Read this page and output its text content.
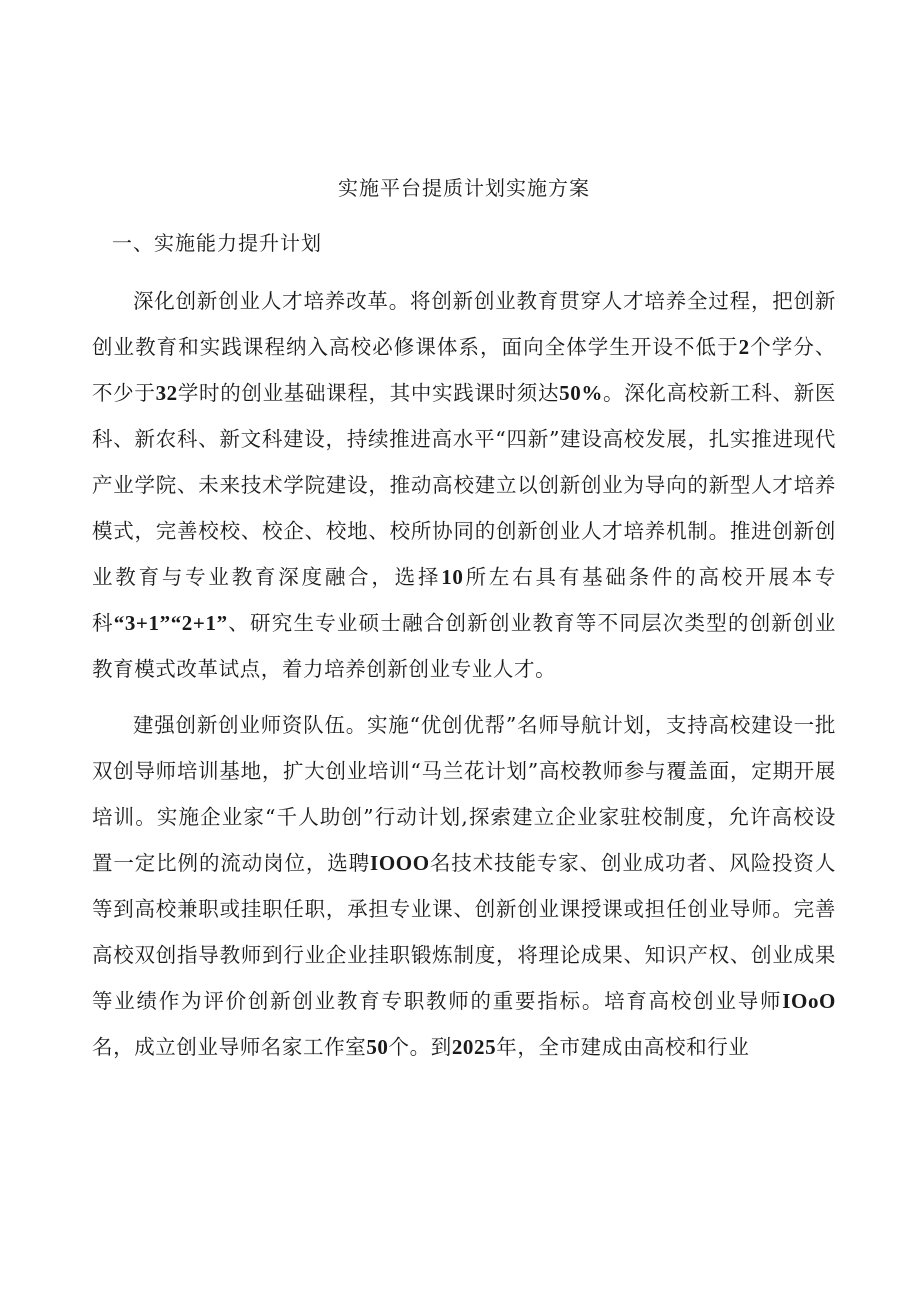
实施平台提质计划实施方案
一、实施能力提升计划

深化创新创业人才培养改革。将创新创业教育贯穿人才培养全过程，把创新创业教育和实践课程纳入高校必修课体系，面向全体学生开设不低于2个学分、不少于32学时的创业基础课程，其中实践课时须达50%。深化高校新工科、新医科、新农科、新文科建设，持续推进高水平“四新”建设高校发展，扎实推进现代产业学院、未来技术学院建设，推动高校建立以创新创业为导向的新型人才培养模式，完善校校、校企、校地、校所协同的创新创业人才培养机制。推进创新创业教育与专业教育深度融合，选择10所左右具有基础条件的高校开展本专科“3+1”“2+1”、研究生专业硕士融合创新创业教育等不同层次类型的创新创业教育模式改革试点，着力培养创新创业专业人才。

建强创新创业师资队伍。实施“优创优帮”名师导航计划，支持高校建设一批双创导师培训基地，扩大创业培训“马兰花计划”高校教师参与覆盖面，定期开展培训。实施企业家“千人助创”行动计划,探索建立企业家驻校制度，允许高校设置一定比例的流动岗位，选聘IOOO名技术技能专家、创业成功者、风险投资人等到高校兼职或挂职任职，承担专业课、创新创业课授课或担任创业导师。完善高校双创指导教师到行业企业挂职锻炼制度，将理论成果、知识产权、创业成果等业绩作为评价创新创业教育专职教师的重要指标。培育高校创业导师IOoO名，成立创业导师名家工作室50个。到2025年，全市建成由高校和行业
